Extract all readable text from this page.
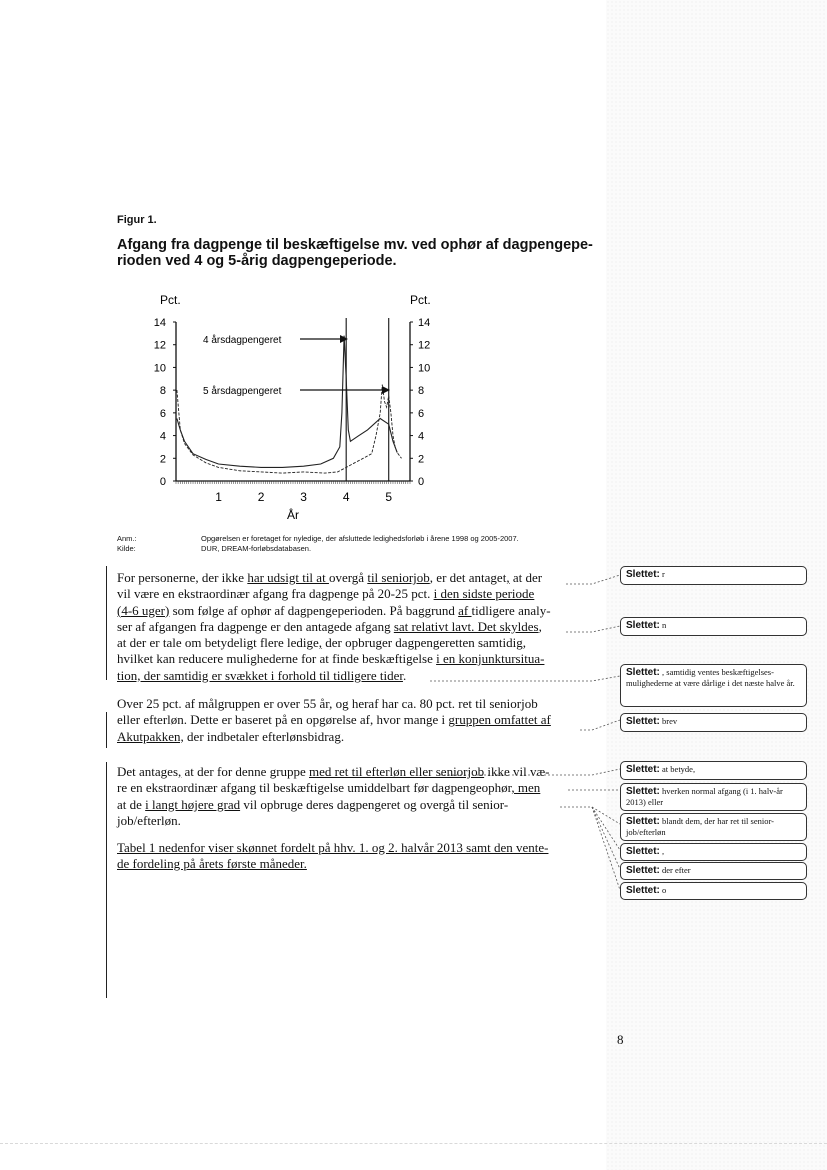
Figur 1.
Afgang fra dagpenge til beskæftigelse mv. ved ophør af dagpengepe-rioden ved 4 og 5-årig dagpengeperiode.
0	0
2	2
4	4
6	6
8	8
10	10
12	12
14	14
1	2	3	4	5
Pct.	Pct.
År
4 årsdagpengeret
5 årsdagpengeret
Anm.:	Opgørelsen er foretaget for nyledige, der afsluttede ledighedsforløb i årene 1998 og 2005-2007.
Kilde:	DUR, DREAM-forløbsdatabasen.

For personerne, der ikke har udsigt til at overgå til seniorjob, er det antaget, at der

vil være en ekstraordinær afgang fra dagpenge på 20-25 pct. i den sidste periode

(4-6 uger) som følge af ophør af dagpengeperioden. På baggrund af tidligere analy-

ser af afgangen fra dagpenge er den antagede afgang sat relativt lavt. Det skyldes,

at der er tale om betydeligt flere ledige, der opbruger dagpengeretten samtidig,

hvilket kan reducere mulighederne for at finde beskæftigelse i en konjunktursitua-

tion, der samtidig er svækket i forhold til tidligere tider.

Over 25 pct. af målgruppen er over 55 år, og heraf har ca. 80 pct. ret til seniorjob

eller efterløn. Dette er baseret på en opgørelse af, hvor mange i gruppen omfattet af

Akutpakken, der indbetaler efterlønsbidrag.

Det antages, at der for denne gruppe med ret til efterløn eller seniorjob ikke vil væ-

re en ekstraordinær afgang til beskæftigelse umiddelbart før dagpengeophør, men

at de i langt højere grad vil opbruge deres dagpengeret og overgå til senior-

job/efterløn.

Tabel 1 nedenfor viser skønnet fordelt på hhv. 1. og 2. halvår 2013 samt den vente-

de fordeling på årets første måneder.

Slettet: r
Slettet: n
Slettet: , samtidig ventes beskæftigelses-mulighederne at være dårlige i det næste halve år.
Slettet: brev
Slettet: at betyde,
Slettet: hverken normal afgang (i 1. halv-år 2013) eller
Slettet: blandt dem, der har ret til senior-job/efterløn
Slettet: ,
Slettet: der efter
Slettet: o
8
